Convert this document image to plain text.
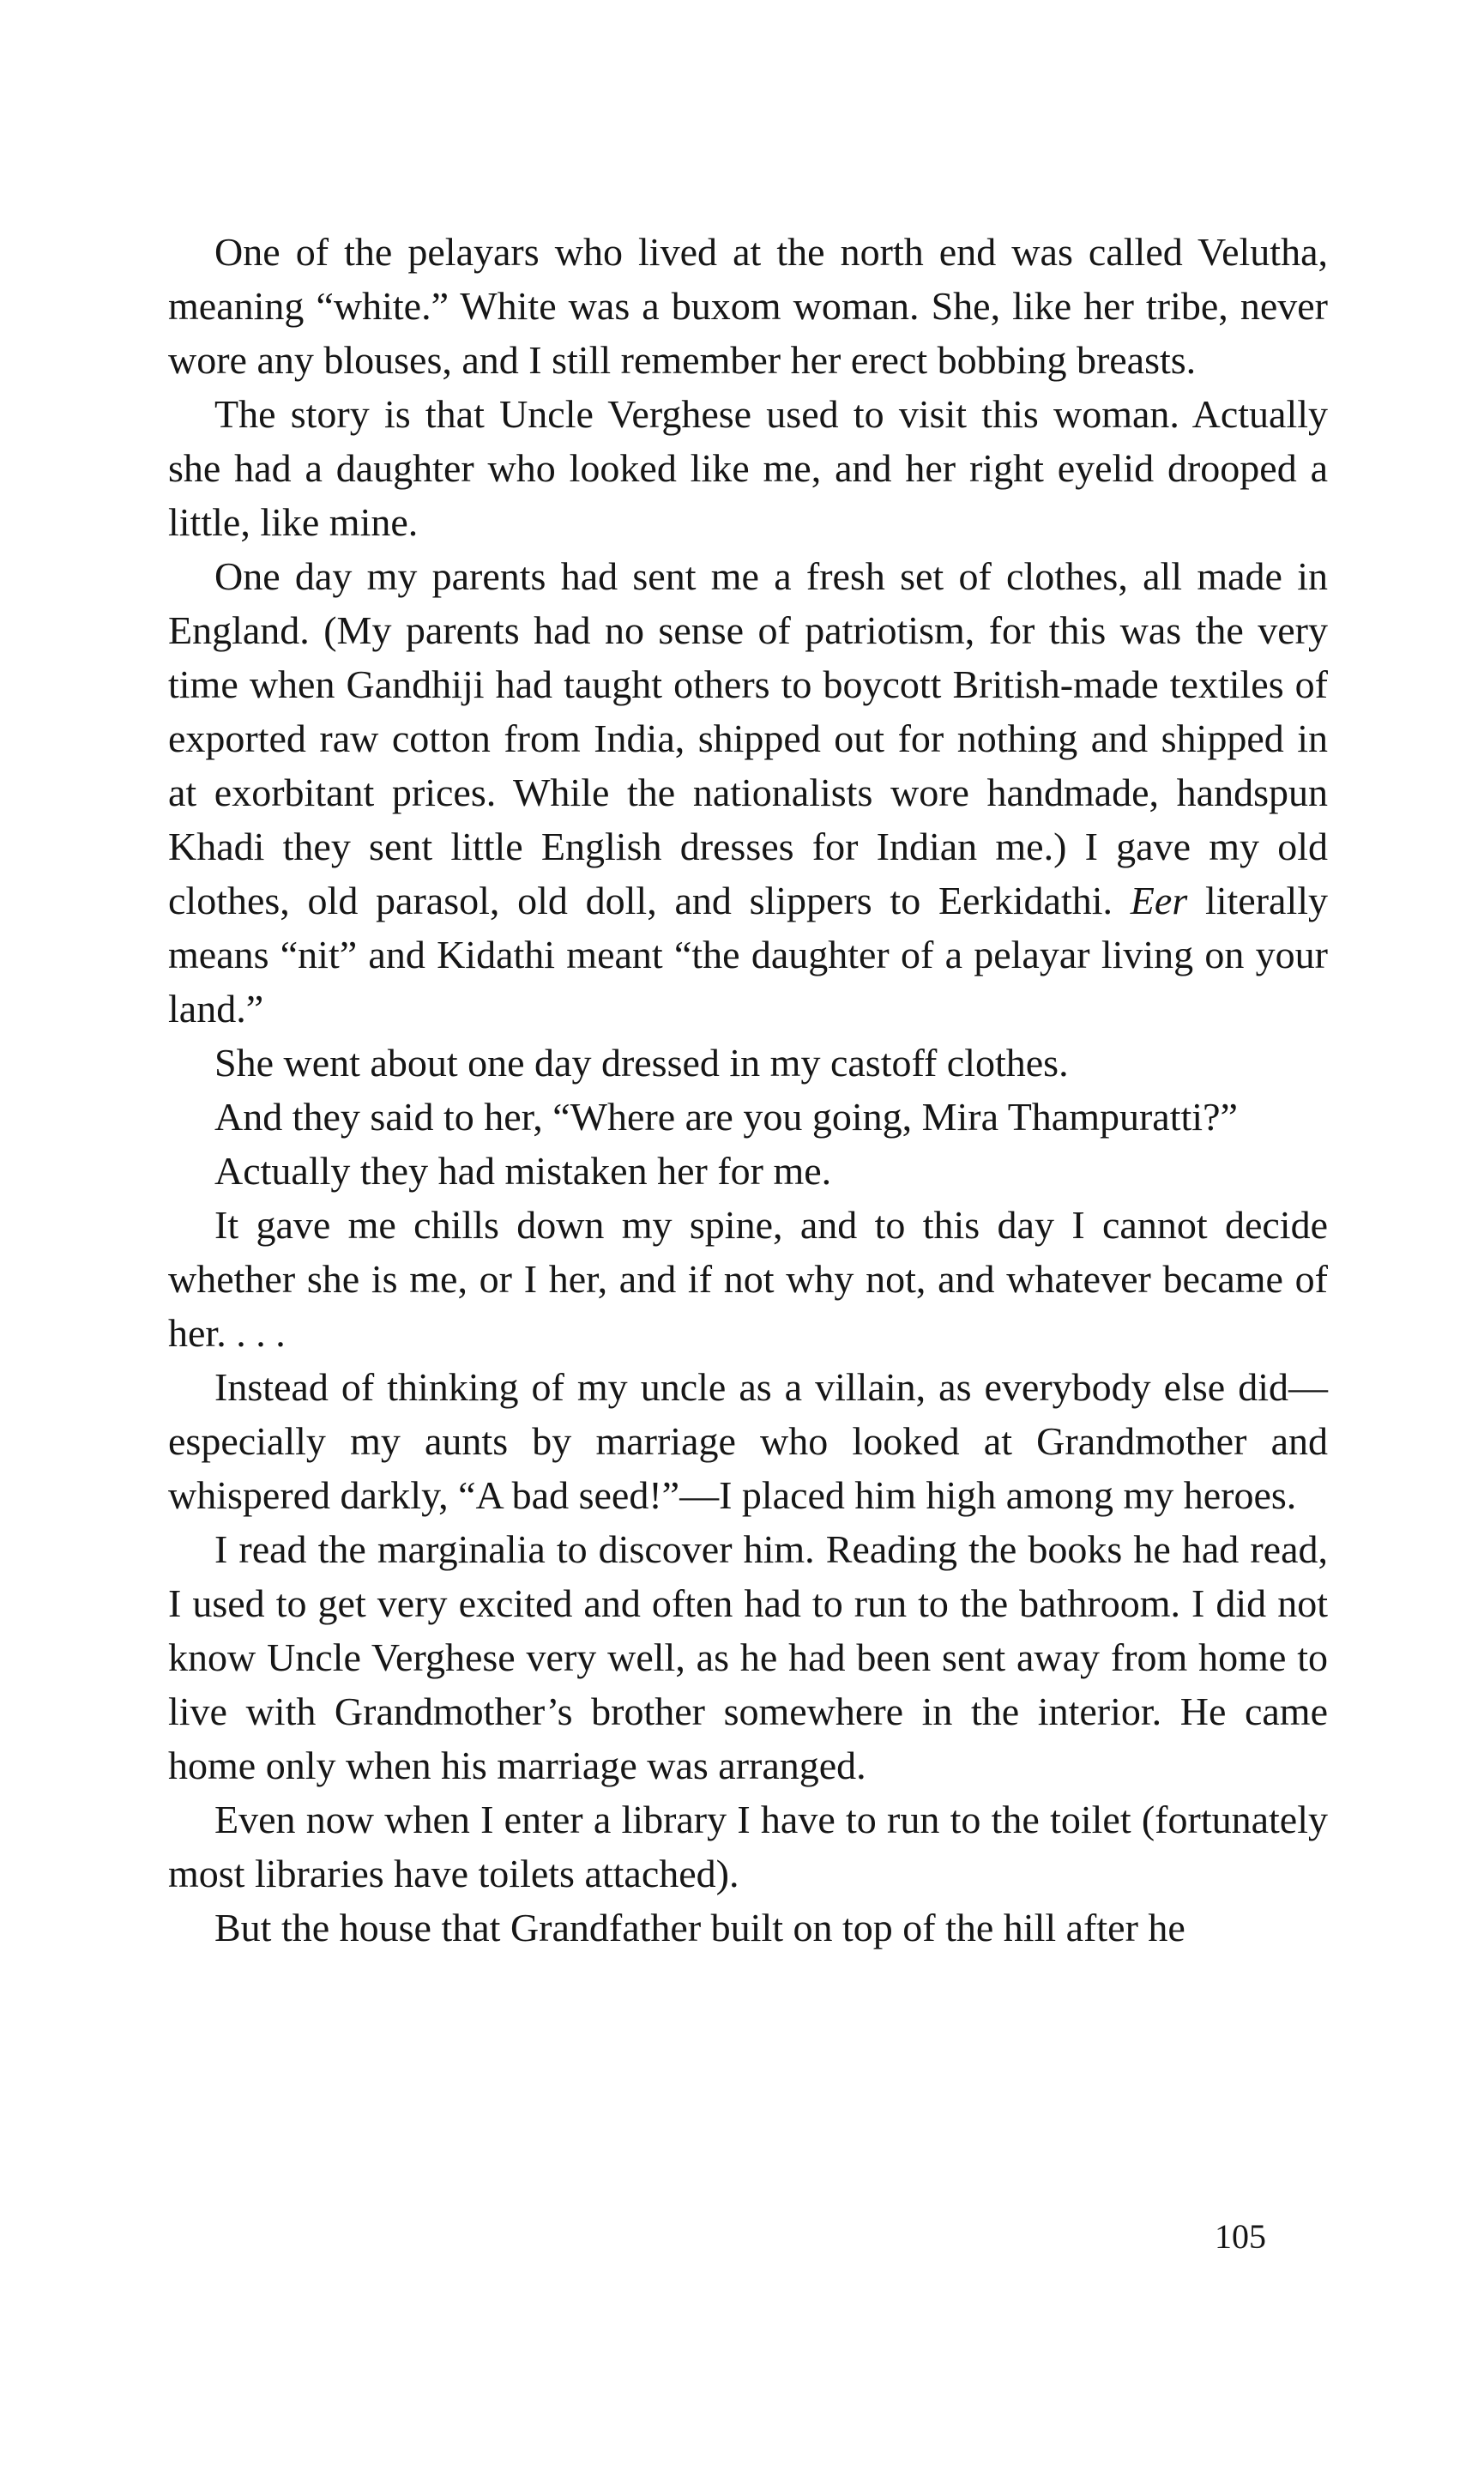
One of the pelayars who lived at the north end was called Velutha, meaning “white.” White was a buxom woman. She, like her tribe, never wore any blouses, and I still remember her erect bobbing breasts.

The story is that Uncle Verghese used to visit this woman. Actually she had a daughter who looked like me, and her right eyelid drooped a little, like mine.

One day my parents had sent me a fresh set of clothes, all made in England. (My parents had no sense of patriotism, for this was the very time when Gandhiji had taught others to boycott British-made textiles of exported raw cotton from India, shipped out for nothing and shipped in at exorbitant prices. While the nationalists wore handmade, handspun Khadi they sent little English dresses for Indian me.) I gave my old clothes, old parasol, old doll, and slippers to Eerkidathi. Eer literally means “nit” and Kidathi meant “the daughter of a pelayar living on your land.”

She went about one day dressed in my castoff clothes.

And they said to her, “Where are you going, Mira Thampuratti?”

Actually they had mistaken her for me.

It gave me chills down my spine, and to this day I cannot decide whether she is me, or I her, and if not why not, and whatever became of her. . . .

Instead of thinking of my uncle as a villain, as everybody else did—especially my aunts by marriage who looked at Grandmother and whispered darkly, “A bad seed!”—I placed him high among my heroes.

I read the marginalia to discover him. Reading the books he had read, I used to get very excited and often had to run to the bathroom. I did not know Uncle Verghese very well, as he had been sent away from home to live with Grandmother’s brother somewhere in the interior. He came home only when his marriage was arranged.

Even now when I enter a library I have to run to the toilet (fortunately most libraries have toilets attached).

But the house that Grandfather built on top of the hill after he

105
